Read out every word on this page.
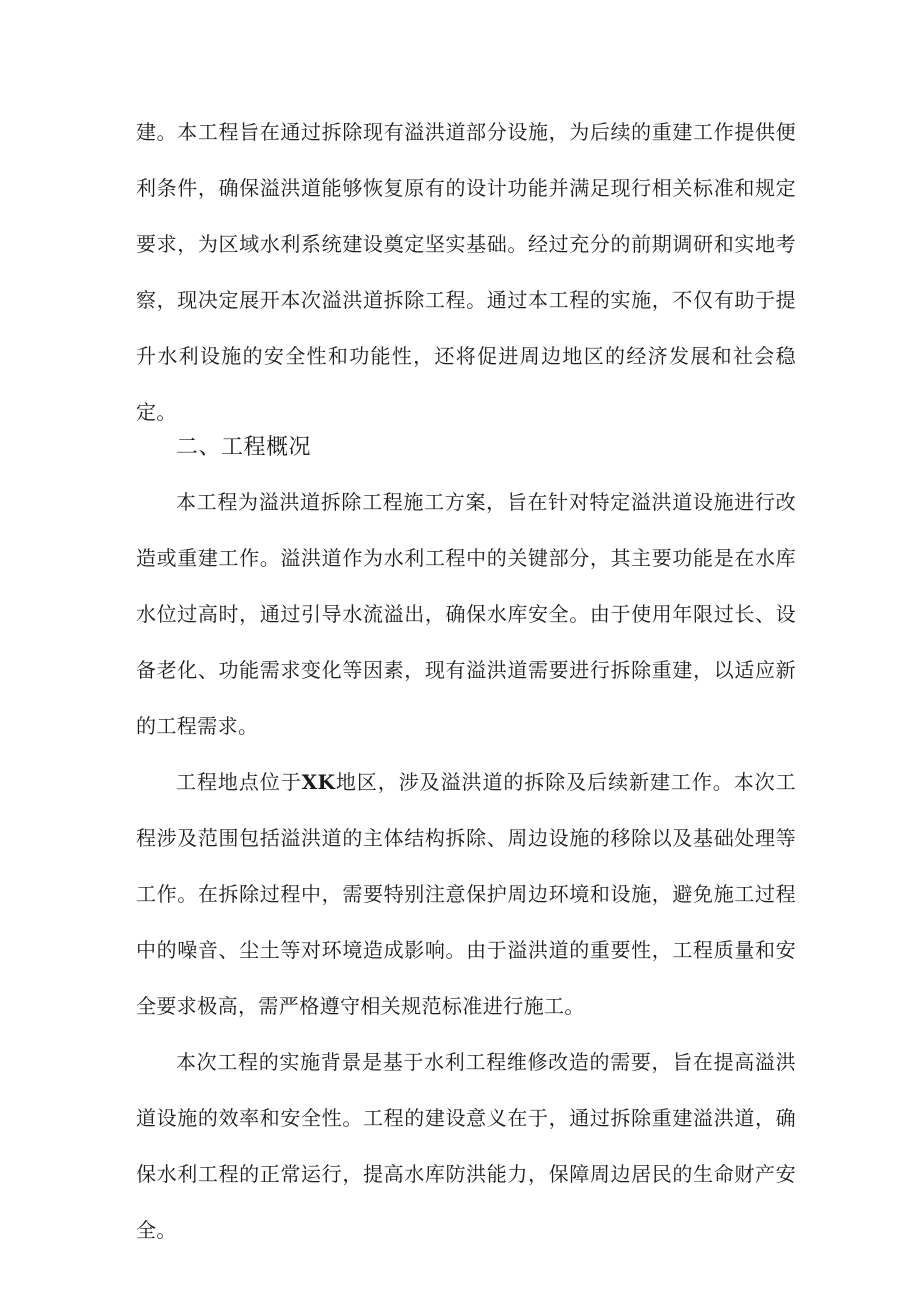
建。本工程旨在通过拆除现有溢洪道部分设施，为后续的重建工作提供便利条件，确保溢洪道能够恢复原有的设计功能并满足现行相关标准和规定要求，为区域水利系统建设奠定坚实基础。经过充分的前期调研和实地考察，现决定展开本次溢洪道拆除工程。通过本工程的实施，不仅有助于提升水利设施的安全性和功能性，还将促进周边地区的经济发展和社会稳定。

二、工程概况

本工程为溢洪道拆除工程施工方案，旨在针对特定溢洪道设施进行改造或重建工作。溢洪道作为水利工程中的关键部分，其主要功能是在水库水位过高时，通过引导水流溢出，确保水库安全。由于使用年限过长、设备老化、功能需求变化等因素，现有溢洪道需要进行拆除重建，以适应新的工程需求。

工程地点位于XK地区，涉及溢洪道的拆除及后续新建工作。本次工程涉及范围包括溢洪道的主体结构拆除、周边设施的移除以及基础处理等工作。在拆除过程中，需要特别注意保护周边环境和设施，避免施工过程中的噪音、尘土等对环境造成影响。由于溢洪道的重要性，工程质量和安全要求极高，需严格遵守相关规范标准进行施工。

本次工程的实施背景是基于水利工程维修改造的需要，旨在提高溢洪道设施的效率和安全性。工程的建设意义在于，通过拆除重建溢洪道，确保水利工程的正常运行，提高水库防洪能力，保障周边居民的生命财产安全。
